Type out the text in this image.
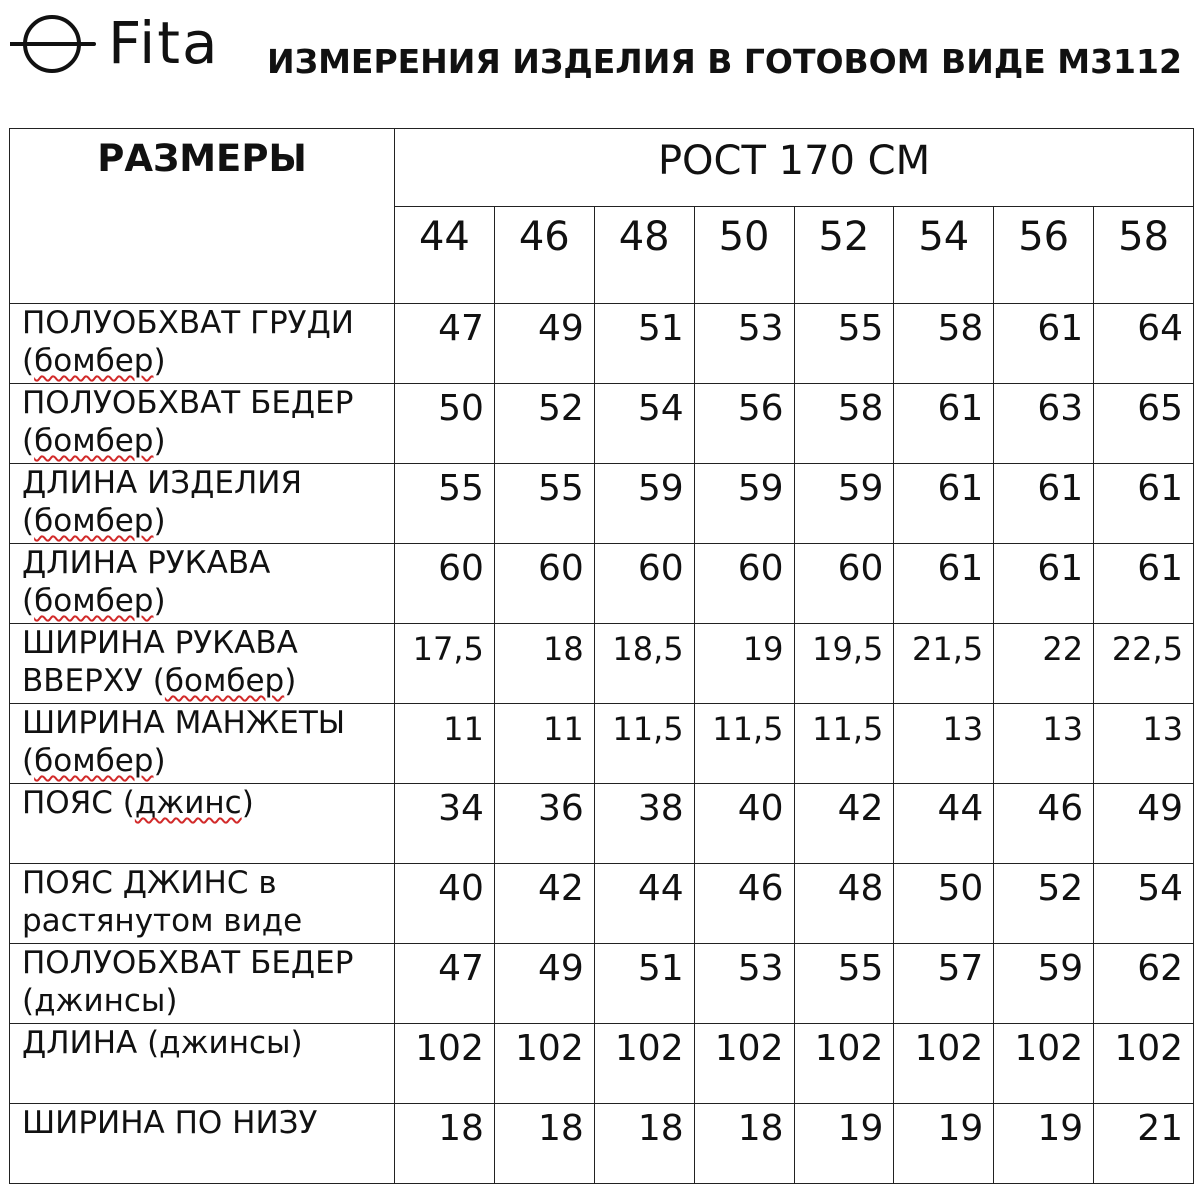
Fita ИЗМЕРЕНИЯ ИЗДЕЛИЯ В ГОТОВОМ ВИДЕ M3112
РАЗМЕРЫ	РОСТ 170 СМ							

	44	46	48	50	52	54	56	58

ПОЛУОБХВАТ ГРУДИ
(бомбер)	47	49	51	53	55	58	61	64

ПОЛУОБХВАТ БЕДЕР
(бомбер)	50	52	54	56	58	61	63	65

ДЛИНА ИЗДЕЛИЯ
(бомбер)	55	55	59	59	59	61	61	61

ДЛИНА РУКАВА
(бомбер)	60	60	60	60	60	61	61	61

ШИРИНА РУКАВА
ВВЕРХУ (бомбер)	17,5	18	18,5	19	19,5	21,5	22	22,5

ШИРИНА МАНЖЕТЫ
(бомбер)	11	11	11,5	11,5	11,5	13	13	13

ПОЯС (джинс)	34	36	38	40	42	44	46	49

ПОЯС ДЖИНС в
растянутом виде	40	42	44	46	48	50	52	54

ПОЛУОБХВАТ БЕДЕР
(джинсы)	47	49	51	53	55	57	59	62

ДЛИНА (джинсы)	102	102	102	102	102	102	102	102

ШИРИНА ПО НИЗУ	18	18	18	18	19	19	19	21
